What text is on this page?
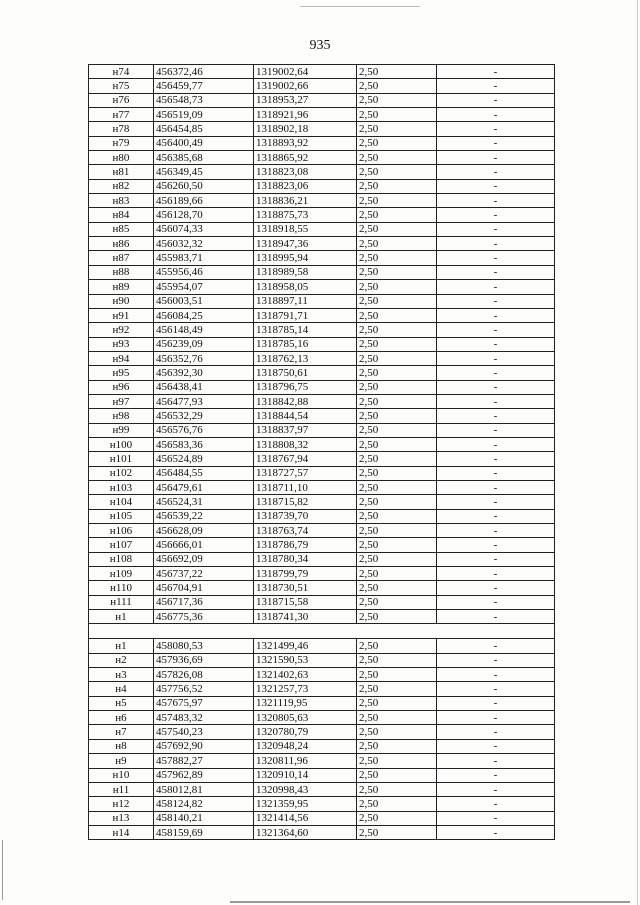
935
н74	456372,46	1319002,64	2,50	-
н75	456459,77	1319002,66	2,50	-
н76	456548,73	1318953,27	2,50	-
н77	456519,09	1318921,96	2,50	-
н78	456454,85	1318902,18	2,50	-
н79	456400,49	1318893,92	2,50	-
н80	456385,68	1318865,92	2,50	-
н81	456349,45	1318823,08	2,50	-
н82	456260,50	1318823,06	2,50	-
н83	456189,66	1318836,21	2,50	-
н84	456128,70	1318875,73	2,50	-
н85	456074,33	1318918,55	2,50	-
н86	456032,32	1318947,36	2,50	-
н87	455983,71	1318995,94	2,50	-
н88	455956,46	1318989,58	2,50	-
н89	455954,07	1318958,05	2,50	-
н90	456003,51	1318897,11	2,50	-
н91	456084,25	1318791,71	2,50	-
н92	456148,49	1318785,14	2,50	-
н93	456239,09	1318785,16	2,50	-
н94	456352,76	1318762,13	2,50	-
н95	456392,30	1318750,61	2,50	-
н96	456438,41	1318796,75	2,50	-
н97	456477,93	1318842,88	2,50	-
н98	456532,29	1318844,54	2,50	-
н99	456576,76	1318837,97	2,50	-
н100	456583,36	1318808,32	2,50	-
н101	456524,89	1318767,94	2,50	-
н102	456484,55	1318727,57	2,50	-
н103	456479,61	1318711,10	2,50	-
н104	456524,31	1318715,82	2,50	-
н105	456539,22	1318739,70	2,50	-
н106	456628,09	1318763,74	2,50	-
н107	456666,01	1318786,79	2,50	-
н108	456692,09	1318780,34	2,50	-
н109	456737,22	1318799,79	2,50	-
н110	456704,91	1318730,51	2,50	-
н111	456717,36	1318715,58	2,50	-
н1	456775,36	1318741,30	2,50	-

н1	458080,53	1321499,46	2,50	-
н2	457936,69	1321590,53	2,50	-
н3	457826,08	1321402,63	2,50	-
н4	457756,52	1321257,73	2,50	-
н5	457675,97	1321119,95	2,50	-
н6	457483,32	1320805,63	2,50	-
н7	457540,23	1320780,79	2,50	-
н8	457692,90	1320948,24	2,50	-
н9	457882,27	1320811,96	2,50	-
н10	457962,89	1320910,14	2,50	-
н11	458012,81	1320998,43	2,50	-
н12	458124,82	1321359,95	2,50	-
н13	458140,21	1321414,56	2,50	-
н14	458159,69	1321364,60	2,50	-
